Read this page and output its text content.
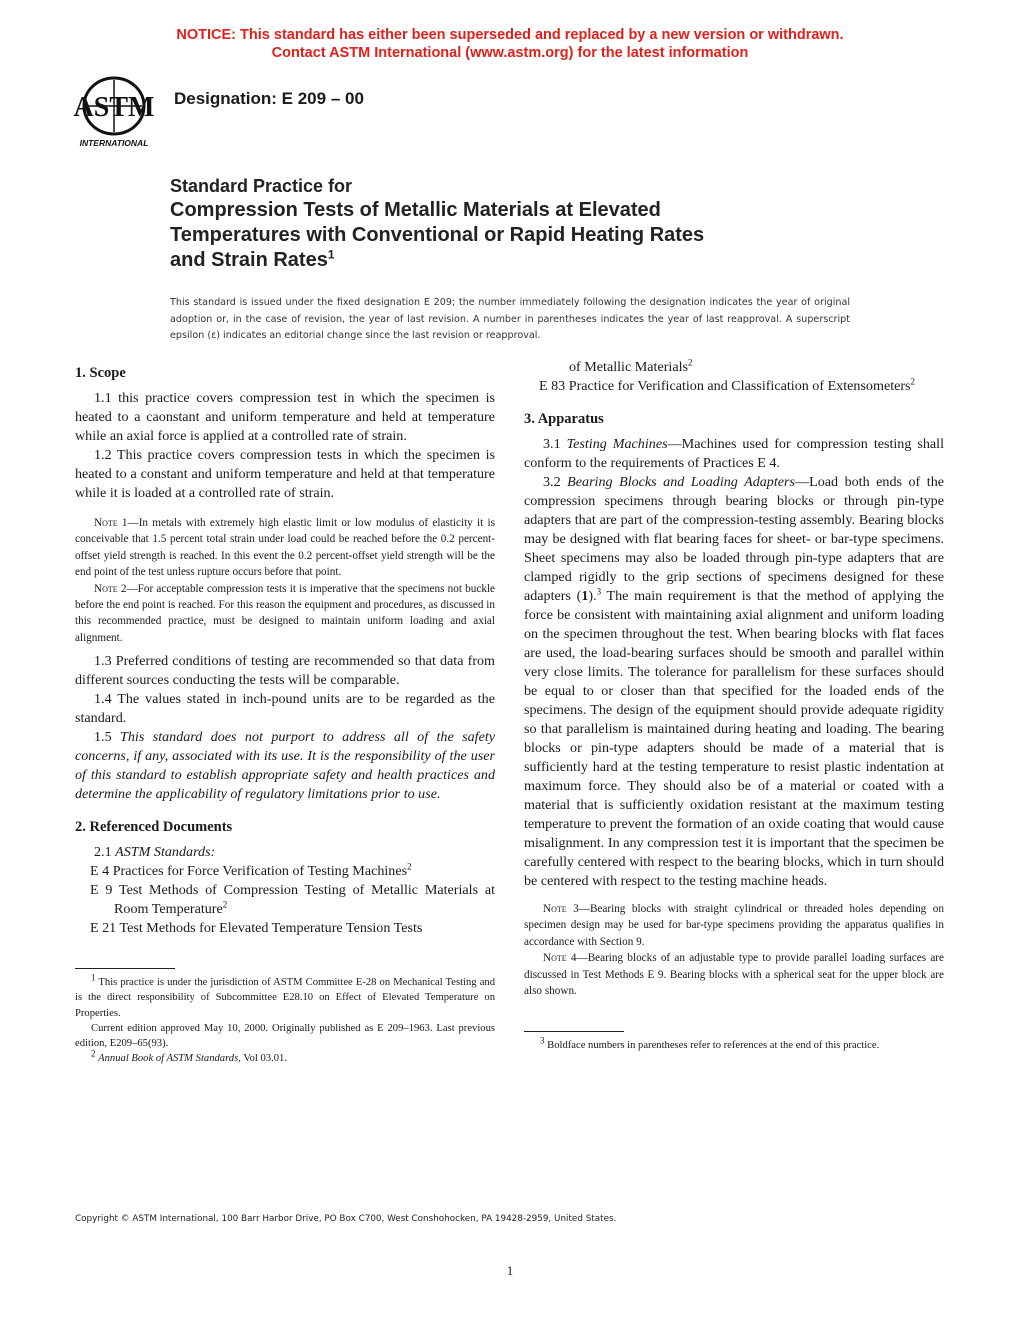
NOTICE: This standard has either been superseded and replaced by a new version or withdrawn.
Contact ASTM International (www.astm.org) for the latest information
ASTM
INTERNATIONAL
Designation: E 209 – 00
Standard Practice for
Compression Tests of Metallic Materials at Elevated
Temperatures with Conventional or Rapid Heating Rates
and Strain Rates$^1$
This standard is issued under the fixed designation E 209; the number immediately following the designation indicates the year of original adoption or, in the case of revision, the year of last revision. A number in parentheses indicates the year of last reapproval. A superscript epsilon (ε) indicates an editorial change since the last revision or reapproval.
1. Scope

1.1 this practice covers compression test in which the specimen is heated to a caonstant and uniform temperature and held at temperature while an axial force is applied at a controlled rate of strain.

1.2 This practice covers compression tests in which the specimen is heated to a constant and uniform temperature and held at that temperature while it is loaded at a controlled rate of strain.

Note 1—In metals with extremely high elastic limit or low modulus of elasticity it is conceivable that 1.5 percent total strain under load could be reached before the 0.2 percent-offset yield strength is reached. In this event the 0.2 percent-offset yield strength will be the end point of the test unless rupture occurs before that point.

Note 2—For acceptable compression tests it is imperative that the specimens not buckle before the end point is reached. For this reason the equipment and procedures, as discussed in this recommended practice, must be designed to maintain uniform loading and axial alignment.

1.3 Preferred conditions of testing are recommended so that data from different sources conducting the tests will be comparable.

1.4 The values stated in inch-pound units are to be regarded as the standard.

1.5 This standard does not purport to address all of the safety concerns, if any, associated with its use. It is the responsibility of the user of this standard to establish appropriate safety and health practices and determine the applicability of regulatory limitations prior to use.

2. Referenced Documents

2.1 ASTM Standards:

E 4 Practices for Force Verification of Testing Machines$^2$

E 9 Test Methods of Compression Testing of Metallic Materials at Room Temperature$^2$

E 21 Test Methods for Elevated Temperature Tension Tests

$^1$ This practice is under the jurisdiction of ASTM Committee E-28 on Mechanical Testing and is the direct responsibility of Subcommittee E28.10 on Effect of Elevated Temperature on Properties.
Current edition approved May 10, 2000. Originally published as E 209–1963. Last previous edition, E209–65(93).
$^2$ Annual Book of ASTM Standards, Vol 03.01.

of Metallic Materials$^2$

E 83 Practice for Verification and Classification of Extensometers$^2$

3. Apparatus

3.1 Testing Machines—Machines used for compression testing shall conform to the requirements of Practices E 4.

3.2 Bearing Blocks and Loading Adapters—Load both ends of the compression specimens through bearing blocks or through pin-type adapters that are part of the compression-testing assembly. Bearing blocks may be designed with flat bearing faces for sheet- or bar-type specimens. Sheet specimens may also be loaded through pin-type adapters that are clamped rigidly to the grip sections of specimens designed for these adapters (1).$^3$ The main requirement is that the method of applying the force be consistent with maintaining axial alignment and uniform loading on the specimen throughout the test. When bearing blocks with flat faces are used, the load-bearing surfaces should be smooth and parallel within very close limits. The tolerance for parallelism for these surfaces should be equal to or closer than that specified for the loaded ends of the specimens. The design of the equipment should provide adequate rigidity so that parallelism is maintained during heating and loading. The bearing blocks or pin-type adapters should be made of a material that is sufficiently hard at the testing temperature to resist plastic indentation at maximum force. They should also be of a material or coated with a material that is sufficiently oxidation resistant at the maximum testing temperature to prevent the formation of an oxide coating that would cause misalignment. In any compression test it is important that the specimen be carefully centered with respect to the bearing blocks, which in turn should be centered with respect to the testing machine heads.

Note 3—Bearing blocks with straight cylindrical or threaded holes depending on specimen design may be used for bar-type specimens providing the apparatus qualifies in accordance with Section 9.

Note 4—Bearing blocks of an adjustable type to provide parallel loading surfaces are discussed in Test Methods E 9. Bearing blocks with a spherical seat for the upper block are also shown.

$^3$ Boldface numbers in parentheses refer to references at the end of this practice.
Copyright © ASTM International, 100 Barr Harbor Drive, PO Box C700, West Conshohocken, PA 19428-2959, United States.
1
